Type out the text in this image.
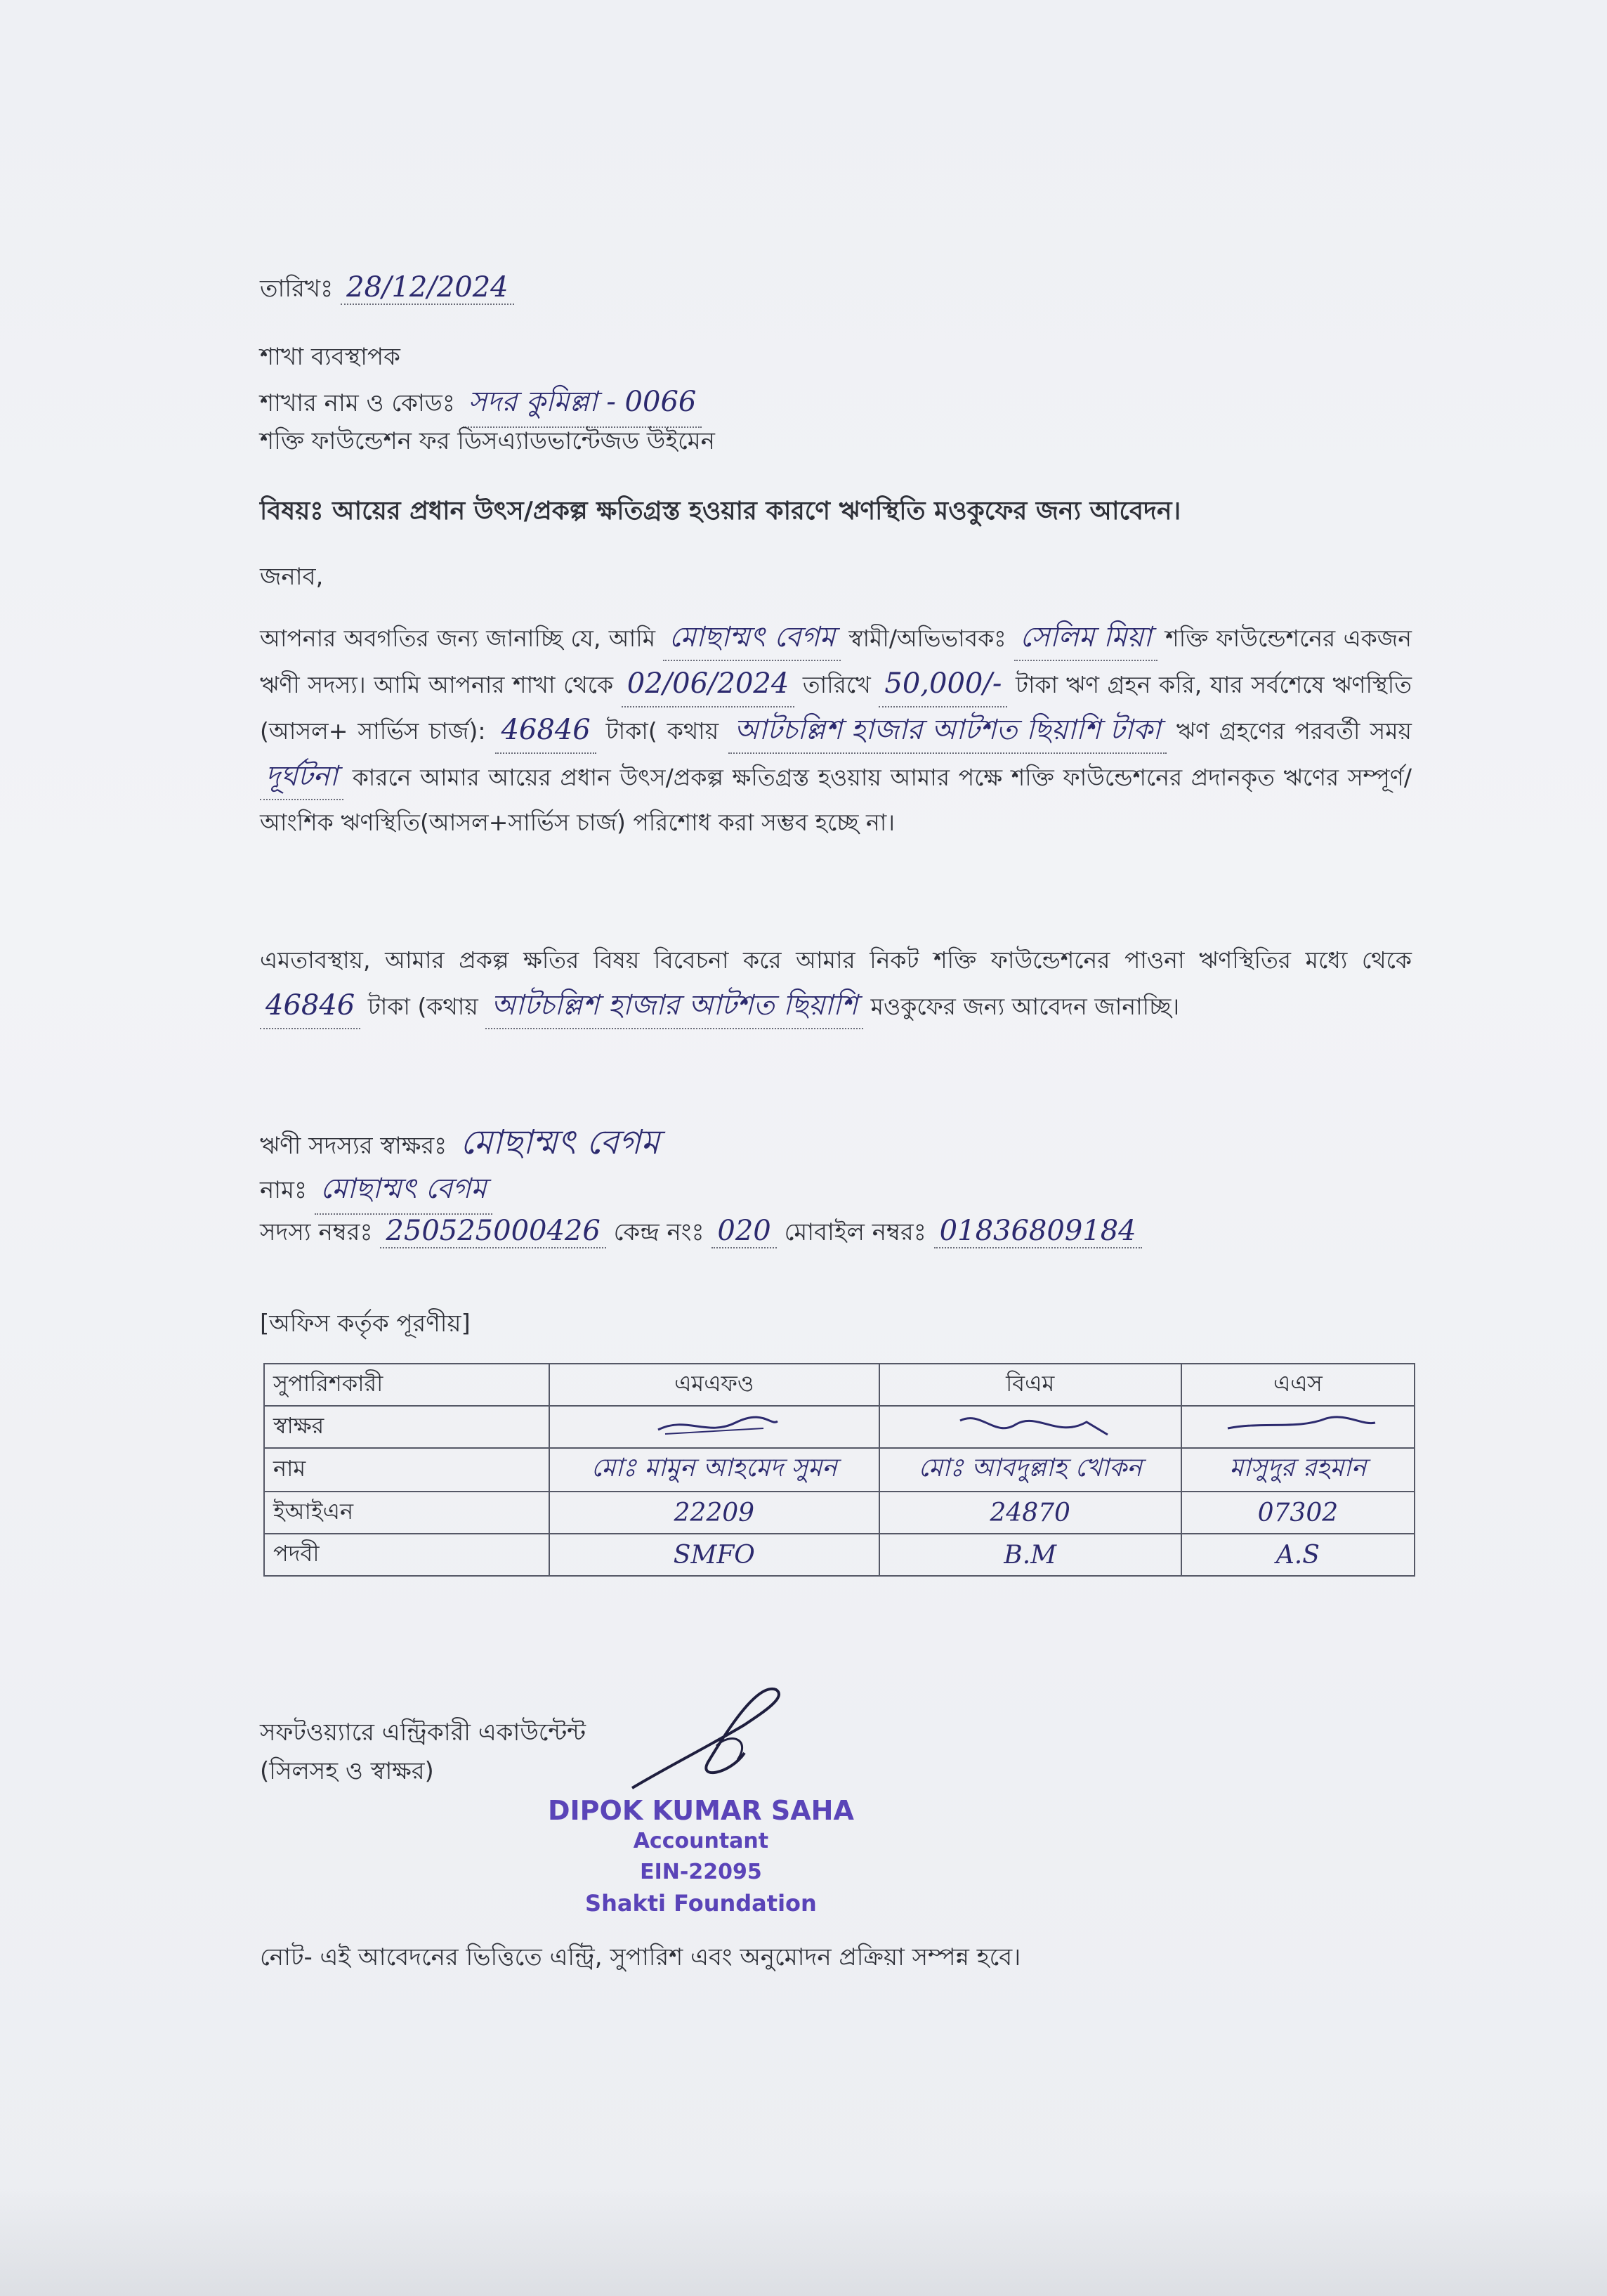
তারিখঃ 28/12/2024
শাখা ব্যবস্থাপক
শাখার নাম ও কোডঃ সদর কুমিল্লা - 0066
শক্তি ফাউন্ডেশন ফর ডিসএ্যাডভান্টেজড উইমেন
বিষয়ঃ আয়ের প্রধান উৎস/প্রকল্প ক্ষতিগ্রস্ত হওয়ার কারণে ঋণস্থিতি মওকুফের জন্য আবেদন।
জনাব,
আপনার অবগতির জন্য জানাচ্ছি যে, আমি মোছাম্মৎ বেগম স্বামী/অভিভাবকঃ সেলিম মিয়া শক্তি ফাউন্ডেশনের একজন ঋণী সদস্য। আমি আপনার শাখা থেকে 02/06/2024 তারিখে 50,000/- টাকা ঋণ গ্রহন করি, যার সর্বশেষে ঋণস্থিতি (আসল+ সার্ভিস চার্জ): 46846 টাকা( কথায় আটচল্লিশ হাজার আটশত ছিয়াশি টাকা ঋণ গ্রহণের পরবর্তী সময় দূর্ঘটনা কারনে আমার আয়ের প্রধান উৎস/প্রকল্প ক্ষতিগ্রস্ত হওয়ায় আমার পক্ষে শক্তি ফাউন্ডেশনের প্রদানকৃত ঋণের সম্পূর্ণ/আংশিক ঋণস্থিতি(আসল+সার্ভিস চার্জ) পরিশোধ করা সম্ভব হচ্ছে না।
এমতাবস্থায়, আমার প্রকল্প ক্ষতির বিষয় বিবেচনা করে আমার নিকট শক্তি ফাউন্ডেশনের পাওনা ঋণস্থিতির মধ্যে থেকে 46846 টাকা (কথায় আটচল্লিশ হাজার আটশত ছিয়াশি মওকুফের জন্য আবেদন জানাচ্ছি।
ঋণী সদস্যর স্বাক্ষরঃ মোছাম্মৎ বেগম
নামঃ মোছাম্মৎ বেগম
সদস্য নম্বরঃ 250525000426 কেন্দ্র নংঃ 020 মোবাইল নম্বরঃ 01836809184
[অফিস কর্তৃক পূরণীয়]
সুপারিশকারী	এমএফও	বিএম	এএস
স্বাক্ষর			
নাম	মোঃ মামুন আহমেদ সুমন	মোঃ আবদুল্লাহ খোকন	মাসুদুর রহমান
ইআইএন	22209	24870	07302
পদবী	SMFO	B.M	A.S
সফটওয়্যারে এন্ট্রিকারী একাউন্টেন্ট
(সিলসহ ও স্বাক্ষর)
DIPOK KUMAR SAHA
Accountant
EIN-22095
Shakti Foundation
নোট- এই আবেদনের ভিত্তিতে এন্ট্রি, সুপারিশ এবং অনুমোদন প্রক্রিয়া সম্পন্ন হবে।
